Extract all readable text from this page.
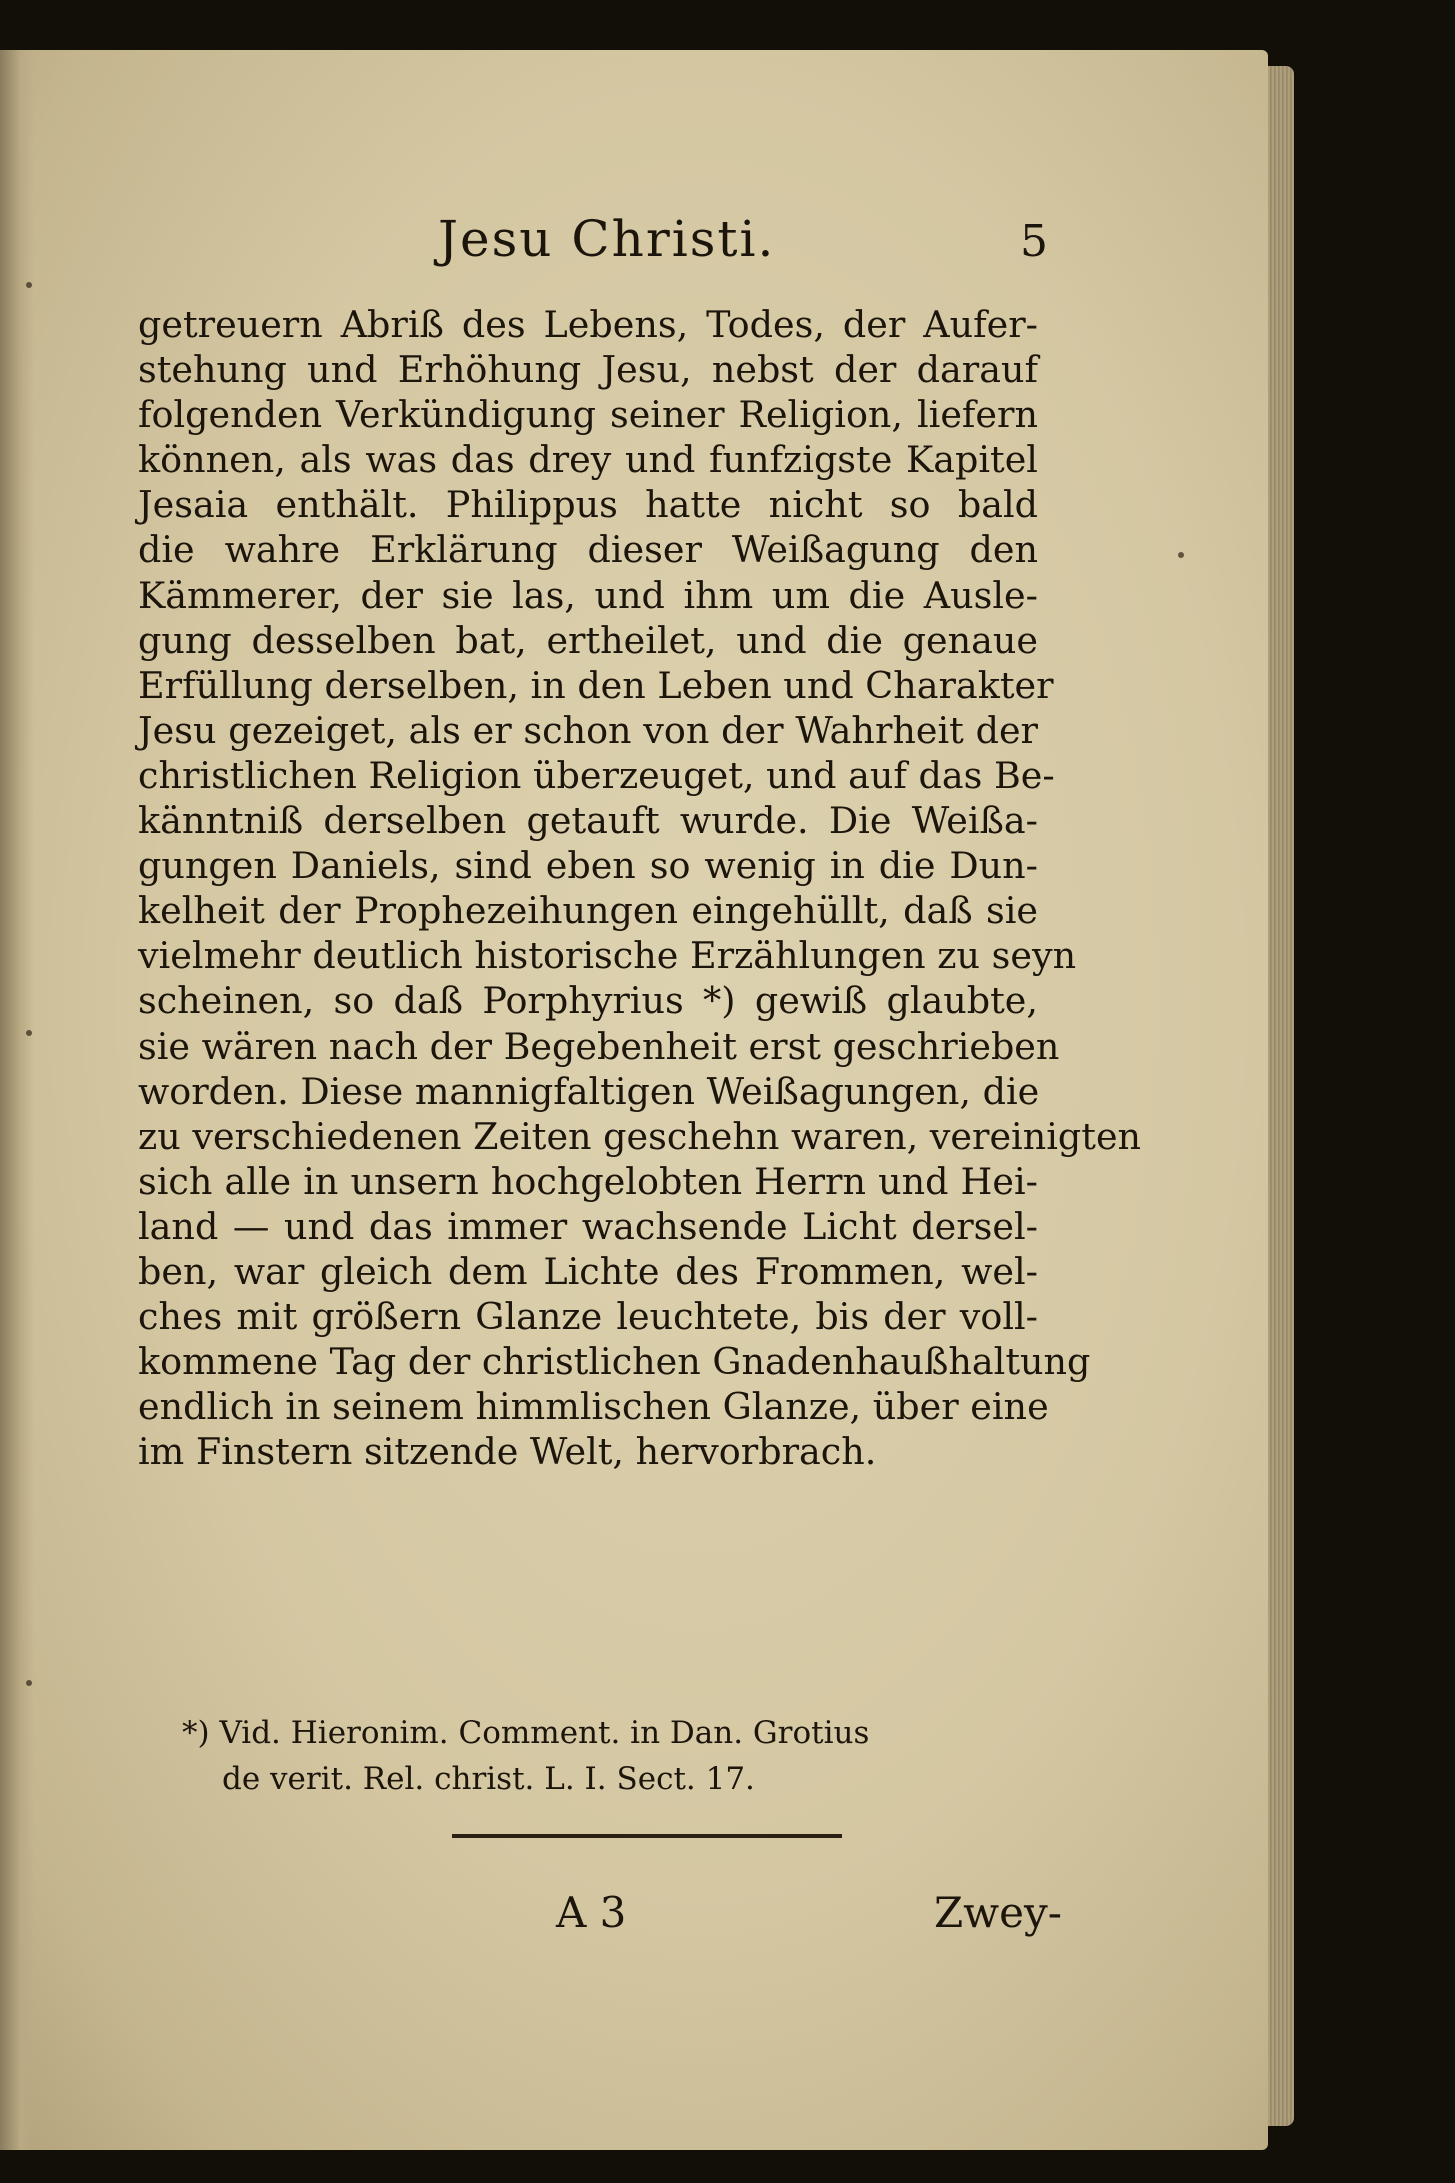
Jesu Christi.	5
getreuern Abriß des Lebens, Todes, der Aufer-
stehung und Erhöhung Jesu, nebst der darauf
folgenden Verkündigung seiner Religion, liefern
können, als was das drey und funfzigste Kapitel
Jesaia enthält. Philippus hatte nicht so bald
die wahre Erklärung dieser Weißagung den
Kämmerer, der sie las, und ihm um die Ausle-
gung desselben bat, ertheilet, und die genaue
Erfüllung derselben, in den Leben und Charakter
Jesu gezeiget, als er schon von der Wahrheit der
christlichen Religion überzeuget, und auf das Be-
känntniß derselben getauft wurde. Die Weißa-
gungen Daniels, sind eben so wenig in die Dun-
kelheit der Prophezeihungen eingehüllt, daß sie
vielmehr deutlich historische Erzählungen zu seyn
scheinen, so daß Porphyrius *) gewiß glaubte,
sie wären nach der Begebenheit erst geschrieben
worden. Diese mannigfaltigen Weißagungen, die
zu verschiedenen Zeiten geschehn waren, vereinigten
sich alle in unsern hochgelobten Herrn und Hei-
land — und das immer wachsende Licht dersel-
ben, war gleich dem Lichte des Frommen, wel-
ches mit größern Glanze leuchtete, bis der voll-
kommene Tag der christlichen Gnadenhaußhaltung
endlich in seinem himmlischen Glanze, über eine
im Finstern sitzende Welt, hervorbrach.
*) Vid. Hieronim. Comment. in Dan. Grotius
de verit. Rel. christ. L. I. Sect. 17.
A 3	Zwey-
